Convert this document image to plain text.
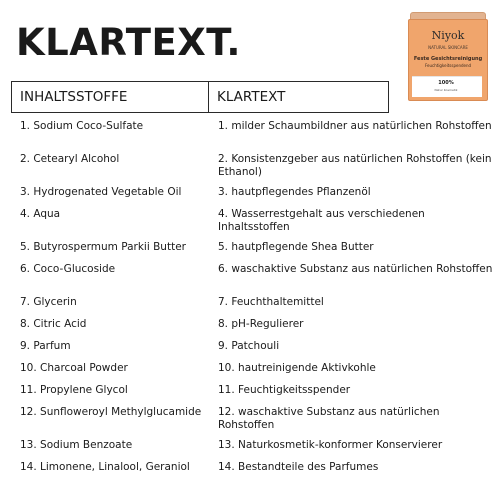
KLARTEXT.	Niyok
NATURAL SKINCARE
Feste Gesichtsreinigung
Feuchtigkeitsspendend
100%
Natur Kosmetik
INHALTSSTOFFE	KLARTEXT
1. Sodium Coco-Sulfate	1. milder Schaumbildner aus natürlichen Rohstoffen
2. Cetearyl Alcohol	2. Konsistenzgeber aus natürlichen Rohstoffen (kein Ethanol)
3. Hydrogenated Vegetable Oil	3. hautpflegendes Pflanzenöl
4. Aqua	4. Wasserrestgehalt aus verschiedenen Inhaltsstoffen
5. Butyrospermum Parkii Butter	5. hautpflegende Shea Butter
6. Coco-Glucoside	6. waschaktive Substanz aus natürlichen Rohstoffen
7. Glycerin	7. Feuchthaltemittel
8. Citric Acid	8. pH-Regulierer
9. Parfum	9. Patchouli
10. Charcoal Powder	10. hautreinigende Aktivkohle
11. Propylene Glycol	11. Feuchtigkeitsspender
12. Sunfloweroyl Methylglucamide	12. waschaktive Substanz aus natürlichen Rohstoffen
13. Sodium Benzoate	13. Naturkosmetik-konformer Konservierer
14. Limonene, Linalool, Geraniol	14. Bestandteile des Parfumes
